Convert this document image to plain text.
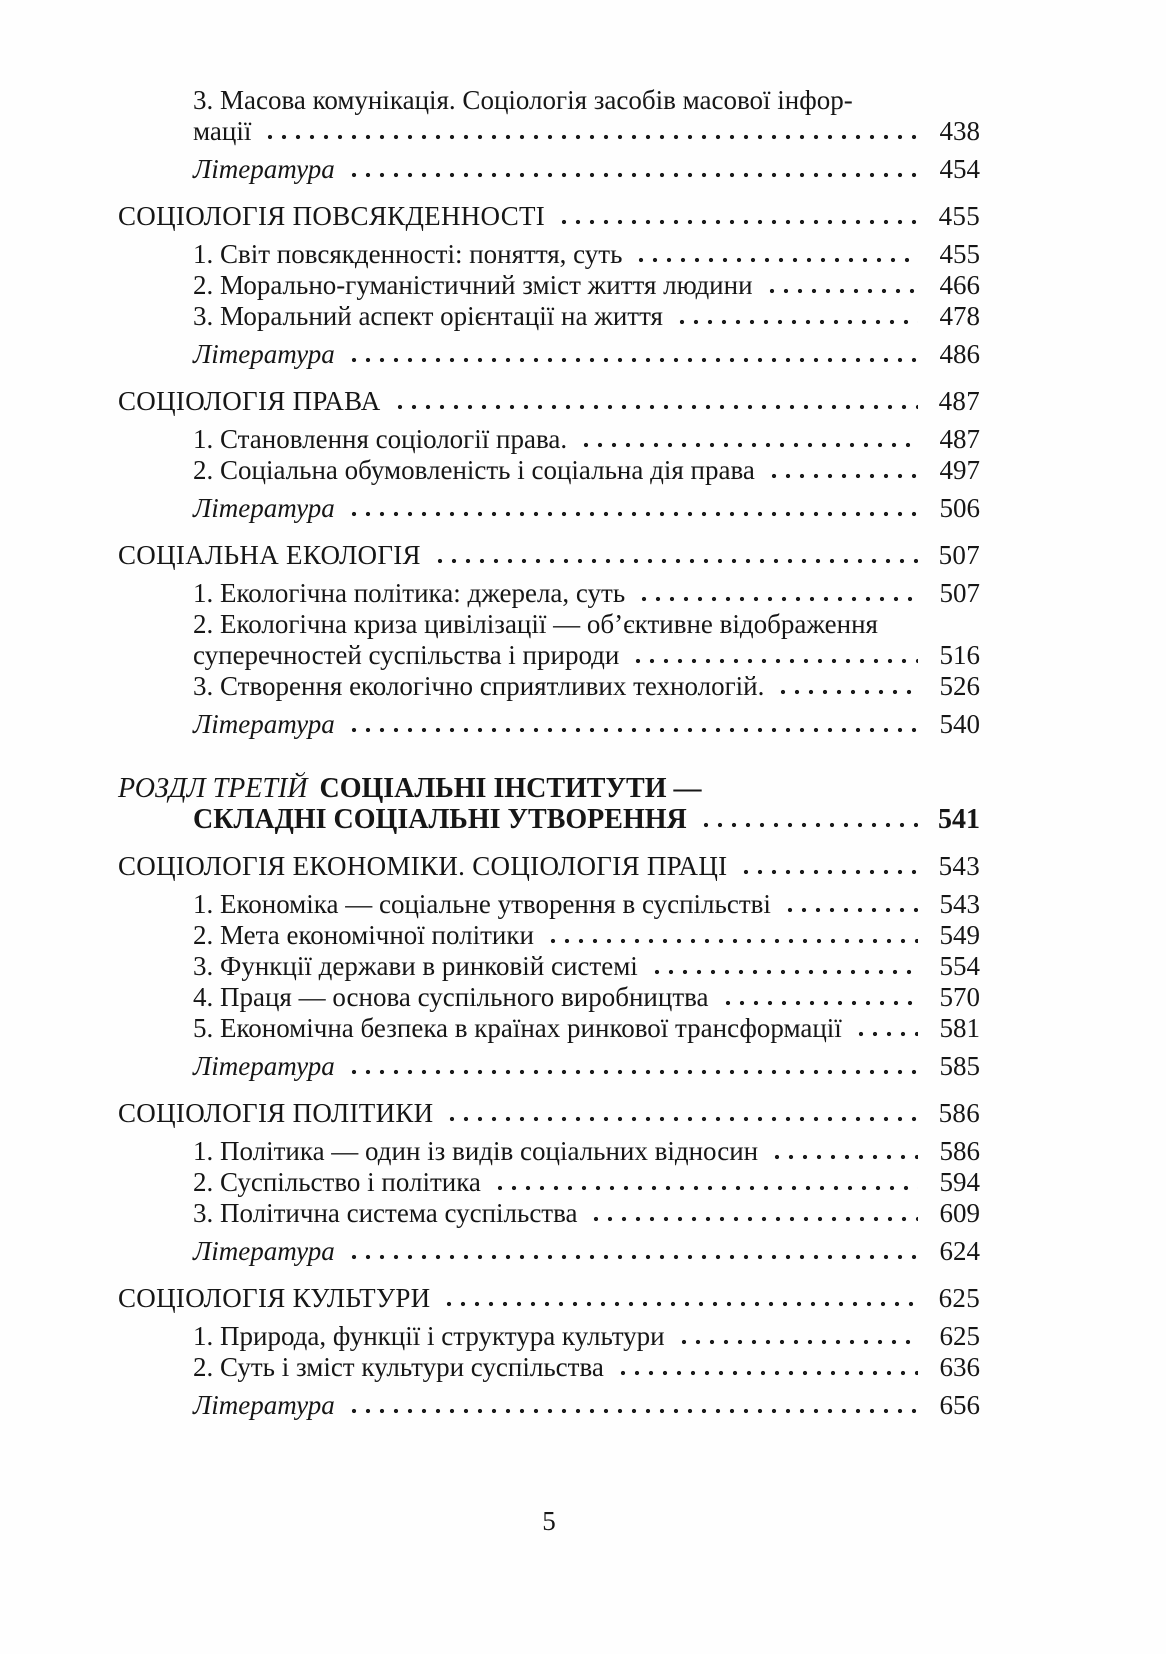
3. Масова комунікація. Соціологія засобів масової інфор-
мації	438
Література	454
СОЦІОЛОГІЯ ПОВСЯКДЕННОСТІ	455
1. Світ повсякденності: поняття, суть	455
2. Морально-гуманістичний зміст життя людини	466
3. Моральний аспект орієнтації на життя	478
Література	486
СОЦІОЛОГІЯ ПРАВА	487
1. Становлення соціології права.	487
2. Соціальна обумовленість і соціальна дія права	497
Література	506
СОЦІАЛЬНА ЕКОЛОГІЯ	507
1. Екологічна політика: джерела, суть	507
2. Екологічна криза цивілізації — об’єктивне відображення
суперечностей суспільства і природи	516
3. Створення екологічно сприятливих технологій.	526
Література	540
РОЗДЛ ТРЕТІЙ СОЦІАЛЬНІ ІНСТИТУТИ —
СКЛАДНІ СОЦІАЛЬНІ УТВОРЕННЯ	541
СОЦІОЛОГІЯ ЕКОНОМІКИ. СОЦІОЛОГІЯ ПРАЦІ	543
1. Економіка — соціальне утворення в суспільстві	543
2. Мета економічної політики	549
3. Функції держави в ринковій системі	554
4. Праця — основа суспільного виробництва	570
5. Економічна безпека в країнах ринкової трансформації	581
Література	585
СОЦІОЛОГІЯ ПОЛІТИКИ	586
1. Політика — один із видів соціальних відносин	586
2. Суспільство і політика	594
3. Політична система суспільства	609
Література	624
СОЦІОЛОГІЯ КУЛЬТУРИ	625
1. Природа, функції і структура культури	625
2. Суть і зміст культури суспільства	636
Література	656
5
